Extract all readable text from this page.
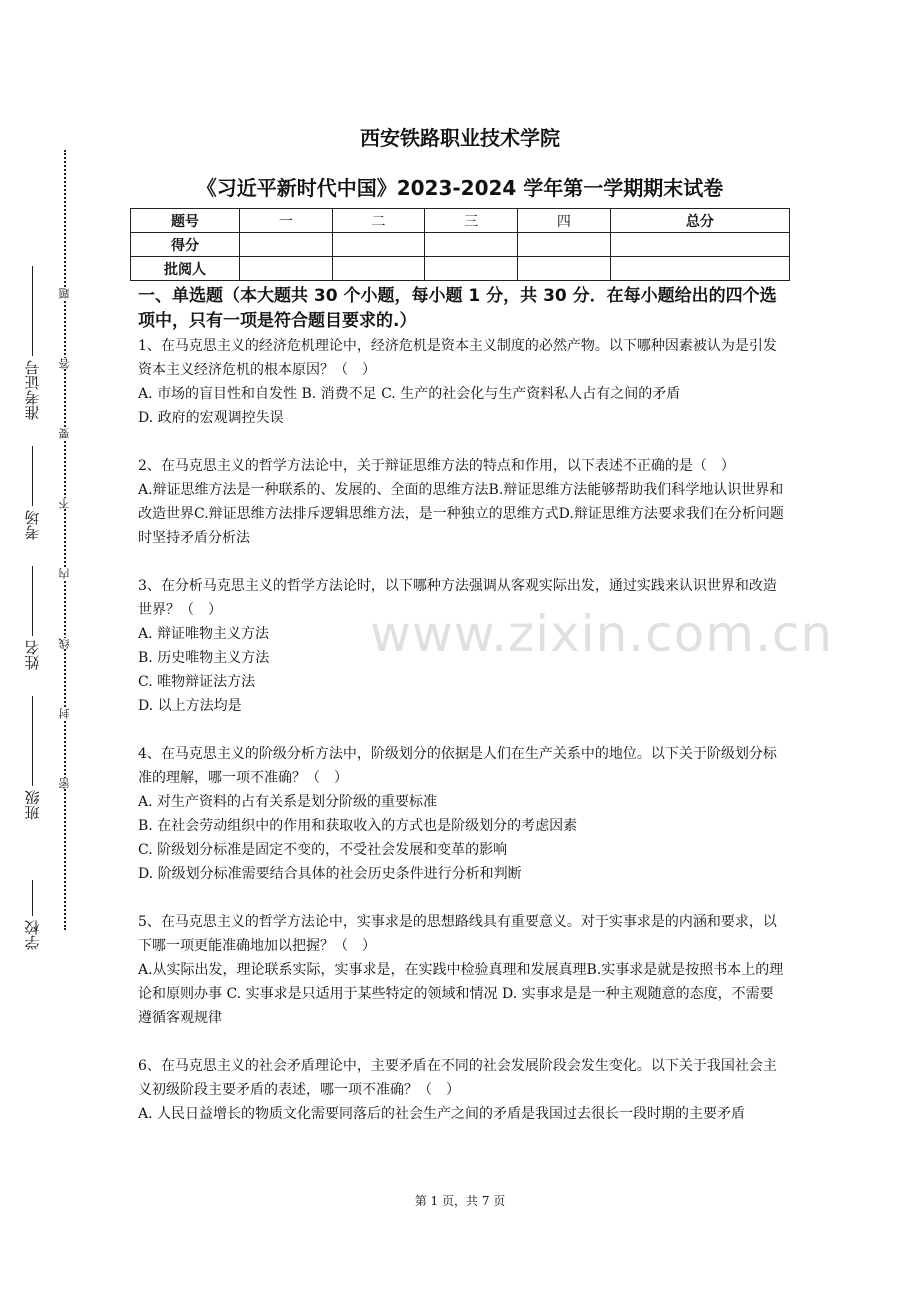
学校
班级
姓名
考场
准考证号
题
答
要
不
内
线
封
密
西安铁路职业技术学院
《习近平新时代中国》2023-2024 学年第一学期期末试卷
题号	一	二	三	四	总分
得分					
批阅人					
一、单选题（本大题共 30 个小题，每小题 1 分，共 30 分．在每小题给出的四个选项中，只有一项是符合题目要求的.）

1、在马克思主义的经济危机理论中，经济危机是资本主义制度的必然产物。以下哪种因素被认为是引发资本主义经济危机的根本原因？（　）

A. 市场的盲目性和自发性 B. 消费不足 C. 生产的社会化与生产资料私人占有之间的矛盾

D. 政府的宏观调控失误

2、在马克思主义的哲学方法论中，关于辩证思维方法的特点和作用，以下表述不正确的是（　）

A.辩证思维方法是一种联系的、发展的、全面的思维方法B.辩证思维方法能够帮助我们科学地认识世界和改造世界C.辩证思维方法排斥逻辑思维方法，是一种独立的思维方式D.辩证思维方法要求我们在分析问题时坚持矛盾分析法

3、在分析马克思主义的哲学方法论时，以下哪种方法强调从客观实际出发，通过实践来认识世界和改造世界？（　）

A. 辩证唯物主义方法

B. 历史唯物主义方法

C. 唯物辩证法方法

D. 以上方法均是

4、在马克思主义的阶级分析方法中，阶级划分的依据是人们在生产关系中的地位。以下关于阶级划分标准的理解，哪一项不准确？（　）

A. 对生产资料的占有关系是划分阶级的重要标准

B. 在社会劳动组织中的作用和获取收入的方式也是阶级划分的考虑因素

C. 阶级划分标准是固定不变的，不受社会发展和变革的影响

D. 阶级划分标准需要结合具体的社会历史条件进行分析和判断

5、在马克思主义的哲学方法论中，实事求是的思想路线具有重要意义。对于实事求是的内涵和要求，以下哪一项更能准确地加以把握？（　）

A.从实际出发，理论联系实际，实事求是，在实践中检验真理和发展真理B.实事求是就是按照书本上的理论和原则办事 C. 实事求是只适用于某些特定的领域和情况 D. 实事求是是一种主观随意的态度，不需要遵循客观规律

6、在马克思主义的社会矛盾理论中，主要矛盾在不同的社会发展阶段会发生变化。以下关于我国社会主义初级阶段主要矛盾的表述，哪一项不准确？（　）

A. 人民日益增长的物质文化需要同落后的社会生产之间的矛盾是我国过去很长一段时期的主要矛盾

www.zixin.com.cn
第 1 页，共 7 页
